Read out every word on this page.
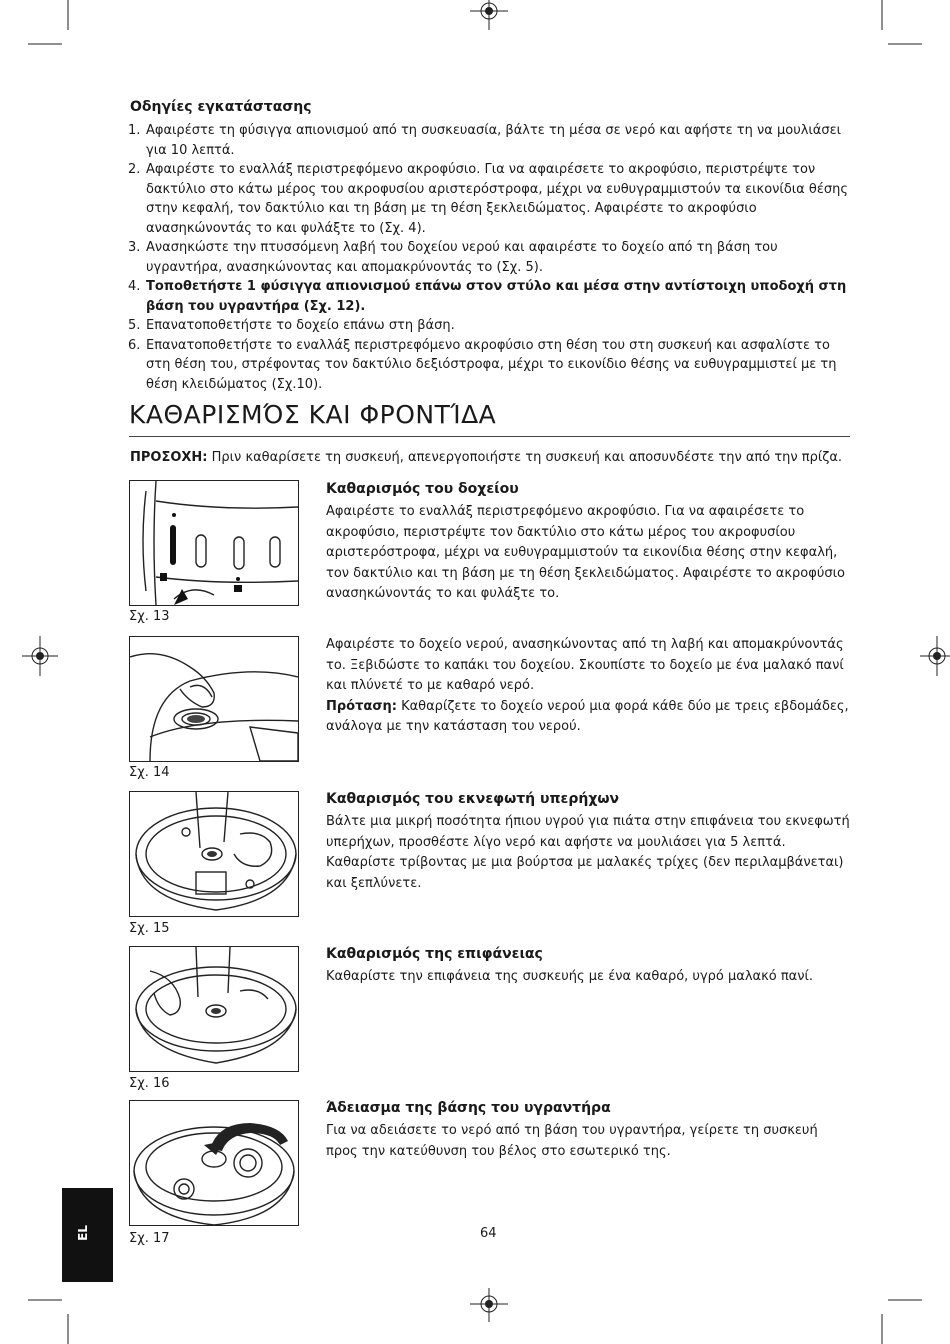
Οδηγίες εγκατάστασης
1. Αφαιρέστε τη φύσιγγα απιονισμού από τη συσκευασία, βάλτε τη μέσα σε νερό και αφήστε τη να μουλιάσει για 10 λεπτά.
2. Αφαιρέστε το εναλλάξ περιστρεφόμενο ακροφύσιο. Για να αφαιρέσετε το ακροφύσιο, περιστρέψτε τον δακτύλιο στο κάτω μέρος του ακροφυσίου αριστερόστροφα, μέχρι να ευθυγραμμιστούν τα εικονίδια θέσης στην κεφαλή, τον δακτύλιο και τη βάση με τη θέση ξεκλειδώματος. Αφαιρέστε το ακροφύσιο ανασηκώνοντάς το και φυλάξτε το (Σχ. 4).
3. Ανασηκώστε την πτυσσόμενη λαβή του δοχείου νερού και αφαιρέστε το δοχείο από τη βάση του υγραντήρα, ανασηκώνοντας και απομακρύνοντάς το (Σχ. 5).
4. Τοποθετήστε 1 φύσιγγα απιονισμού επάνω στον στύλο και μέσα στην αντίστοιχη υποδοχή στη βάση του υγραντήρα (Σχ. 12).
5. Επανατοποθετήστε το δοχείο επάνω στη βάση.
6. Επανατοποθετήστε το εναλλάξ περιστρεφόμενο ακροφύσιο στη θέση του στη συσκευή και ασφαλίστε το στη θέση του, στρέφοντας τον δακτύλιο δεξιόστροφα, μέχρι το εικονίδιο θέσης να ευθυγραμμιστεί με τη θέση κλειδώματος (Σχ.10).
ΚΑΘΑΡΙΣΜΌΣ ΚΑΙ ΦΡΟΝΤΊΔΑ
ΠΡΟΣΟΧΗ: Πριν καθαρίσετε τη συσκευή, απενεργοποιήστε τη συσκευή και αποσυνδέστε την από την πρίζα.
Σχ. 13
Καθαρισμός του δοχείου
Αφαιρέστε το εναλλάξ περιστρεφόμενο ακροφύσιο. Για να αφαιρέσετε το ακροφύσιο, περιστρέψτε τον δακτύλιο στο κάτω μέρος του ακροφυσίου αριστερόστροφα, μέχρι να ευθυγραμμιστούν τα εικονίδια θέσης στην κεφαλή, τον δακτύλιο και τη βάση με τη θέση ξεκλειδώματος. Αφαιρέστε το ακροφύσιο ανασηκώνοντάς το και φυλάξτε το.
Σχ. 14
Αφαιρέστε το δοχείο νερού, ανασηκώνοντας από τη λαβή και απομακρύνοντάς το. Ξεβιδώστε το καπάκι του δοχείου. Σκουπίστε το δοχείο με ένα μαλακό πανί και πλύνετέ το με καθαρό νερό.
Πρόταση: Καθαρίζετε το δοχείο νερού μια φορά κάθε δύο με τρεις εβδομάδες, ανάλογα με την κατάσταση του νερού.
Σχ. 15
Καθαρισμός του εκνεφωτή υπερήχων
Βάλτε μια μικρή ποσότητα ήπιου υγρού για πιάτα στην επιφάνεια του εκνεφωτή υπερήχων, προσθέστε λίγο νερό και αφήστε να μουλιάσει για 5 λεπτά. Καθαρίστε τρίβοντας με μια βούρτσα με μαλακές τρίχες (δεν περιλαμβάνεται) και ξεπλύνετε.
Σχ. 16
Καθαρισμός της επιφάνειας
Καθαρίστε την επιφάνεια της συσκευής με ένα καθαρό, υγρό μαλακό πανί.
Σχ. 17
Άδειασμα της βάσης του υγραντήρα
Για να αδειάσετε το νερό από τη βάση του υγραντήρα, γείρετε τη συσκευή προς την κατεύθυνση του βέλος στο εσωτερικό της.
EL	64
